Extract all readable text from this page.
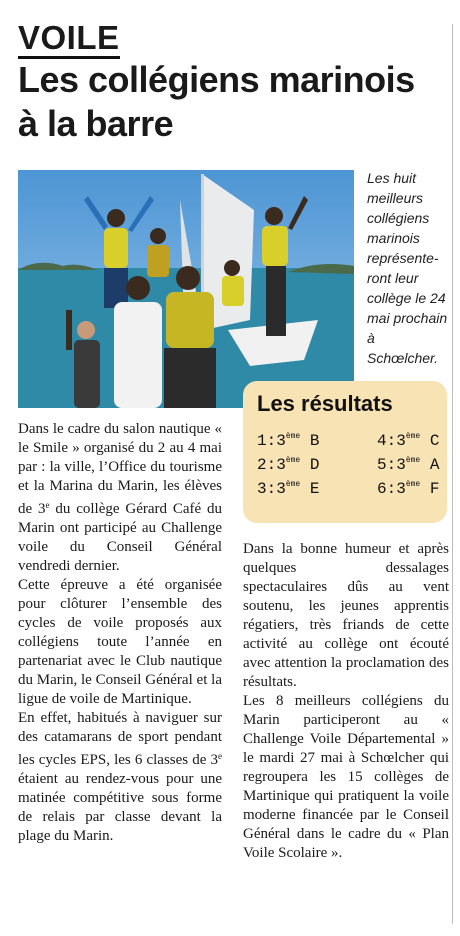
VOILE
Les collégiens marinois à la barre
Les huit meilleurs collégiens marinois représente-ront leur collège le 24 mai prochain à Schœlcher.
Les résultats
1:3ème B
2:3ème D
3:3ème E
4:3ème C
5:3ème A
6:3ème F

Dans le cadre du salon nautique « le Smile » organisé du 2 au 4 mai par : la ville, l’Office du tourisme et la Marina du Marin, les élèves de 3e du collège Gérard Café du Marin ont participé au Challenge voile du Conseil Général vendredi dernier.

Cette épreuve a été organisée pour clôturer l’ensemble des cycles de voile proposés aux collégiens toute l’année en partenariat avec le Club nautique du Marin, le Conseil Général et la ligue de voile de Martinique.

En effet, habitués à naviguer sur des catamarans de sport pendant les cycles EPS, les 6 classes de 3e étaient au rendez-vous pour une matinée compétitive sous forme de relais par classe devant la plage du Marin.

Dans la bonne humeur et après quelques dessalages spectaculaires dûs au vent soutenu, les jeunes apprentis régatiers, très friands de cette activité au collège ont écouté avec attention la proclamation des résultats.

Les 8 meilleurs collégiens du Marin participeront au « Challenge Voile Départemental » le mardi 27 mai à Schœlcher qui regroupera les 15 collèges de Martinique qui pratiquent la voile moderne financée par le Conseil Général dans le cadre du « Plan Voile Scolaire ».
